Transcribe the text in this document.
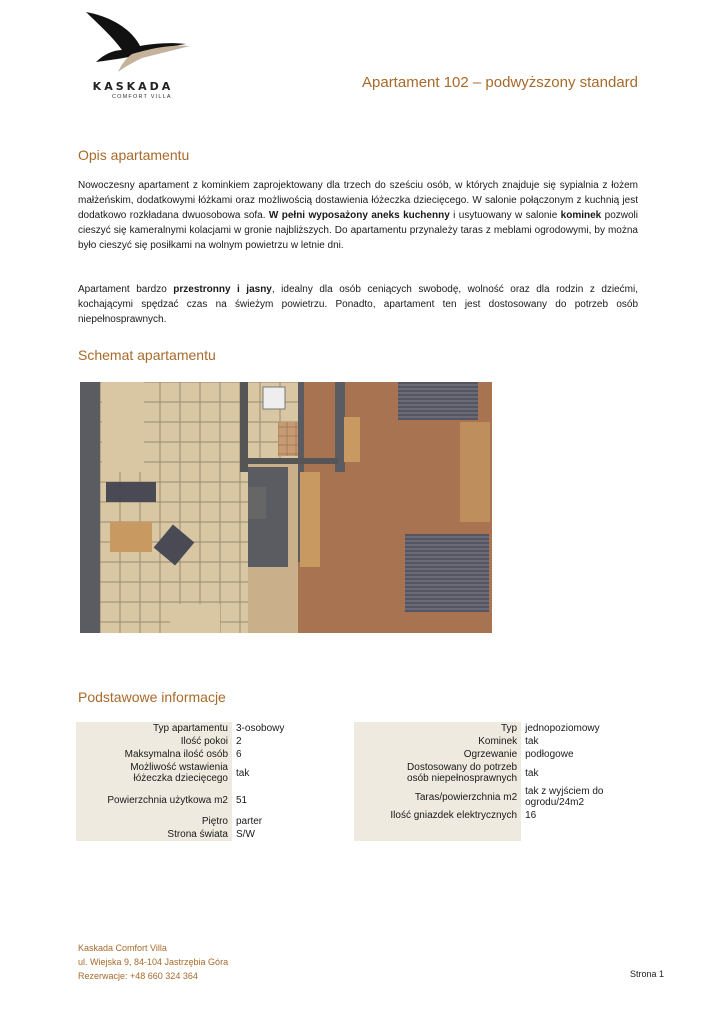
KASKADA
COMFORT VILLA
Apartament 102 – podwyższony standard
Opis apartamentu

Nowoczesny apartament z kominkiem zaprojektowany dla trzech do sześciu osób, w których znajduje się sypialnia z łożem małżeńskim, dodatkowymi łóżkami oraz możliwością dostawienia łóżeczka dziecięcego. W salonie połączonym z kuchnią jest dodatkowo rozkładana dwuosobowa sofa. W pełni wyposażony aneks kuchenny i usytuowany w salonie kominek pozwoli cieszyć się kameralnymi kolacjami w gronie najbliższych. Do apartamentu przynależy taras z meblami ogrodowymi, by można było cieszyć się posiłkami na wolnym powietrzu w letnie dni.

Apartament bardzo przestronny i jasny, idealny dla osób ceniących swobodę, wolność oraz dla rodzin z dziećmi, kochającymi spędzać czas na świeżym powietrzu. Ponadto, apartament ten jest dostosowany do potrzeb osób niepełnosprawnych.

Schemat apartamentu
Podstawowe informacje
Typ apartamentu	3-osobowy
Ilość pokoi	2
Maksymalna ilość osób	6
Możliwość wstawienia łóżeczka dziecięcego	tak
Powierzchnia użytkowa m2	51
Piętro	parter
Strona świata	S/W
Typ	jednopoziomowy
Kominek	tak
Ogrzewanie	podłogowe
Dostosowany do potrzeb osób niepełnosprawnych	tak
Taras/powierzchnia m2	tak z wyjściem do ogrodu/24m2
Ilość gniazdek elektrycznych	16
Kaskada Comfort Villa
ul. Wiejska 9, 84-104 Jastrzębia Góra
Rezerwacje: +48 660 324 364	Strona 1
